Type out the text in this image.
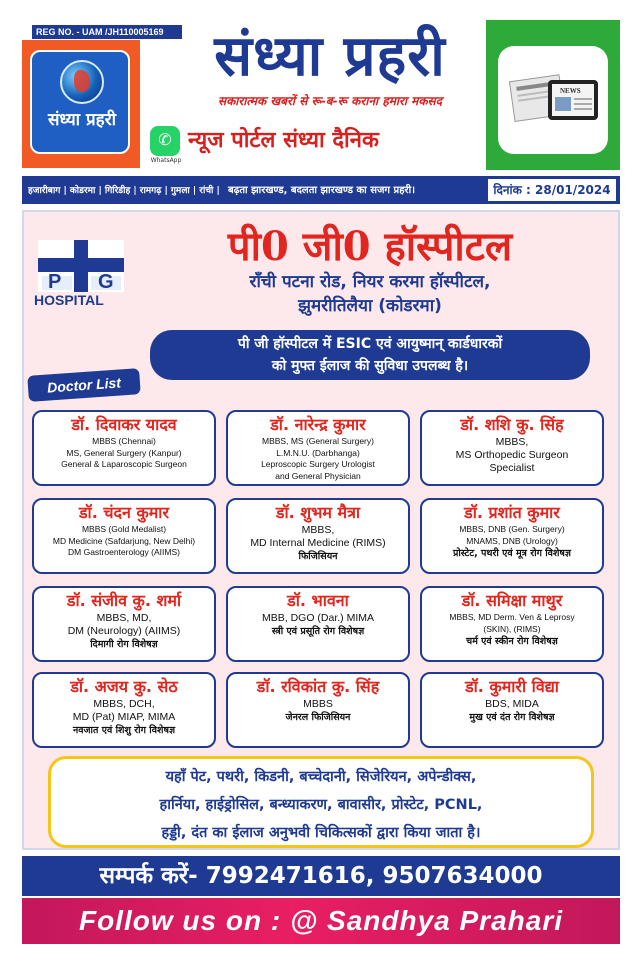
REG NO. - UAM /JH110005169
संध्या प्रहरी
संध्या प्रहरी
सकारात्मक खबरों से रू-ब-रू कराना हमारा मकसद
✆
WhatsApp
न्यूज पोर्टल संध्या दैनिक
NEWS
हजारीबाग | कोडरमा | गिरिडीह | रामगढ़ | गुमला | रांची | बढ़ता झारखण्ड, बदलता झारखण्ड का सजग प्रहरी।	दिनांक : 28/01/2024
P G
HOSPITAL
पी0 जी0 हॉस्पीटल
राँची पटना रोड, नियर करमा हॉस्पीटल,
झुमरीतिलैया (कोडरमा)
पी जी हॉस्पीटल में ESIC एवं आयुष्मान् कार्डधारकों
को मुफ्त ईलाज की सुविधा उपलब्ध है।
Doctor List
डॉ. दिवाकर यादव
MBBS (Chennai)
MS, General Surgery (Kanpur)
General & Laparoscopic Surgeon
डॉ. नारेन्द्र कुमार
MBBS, MS (General Surgery)
L.M.N.U. (Darbhanga)
Leproscopic Surgery Urologist
and General Physician
डॉ. शशि कु. सिंह
MBBS,
MS Orthopedic Surgeon
Specialist
डॉ. चंदन कुमार
MBBS (Gold Medalist)
MD Medicine (Safdarjung, New Delhi)
DM Gastroenterology (AIIMS)
डॉ. शुभम मैत्रा
MBBS,
MD Internal Medicine (RIMS)
फिजिसियन
डॉ. प्रशांत कुमार
MBBS, DNB (Gen. Surgery)
MNAMS, DNB (Urology)
प्रोस्टेट, पथरी एवं मूत्र रोग विशेषज्ञ
डॉ. संजीव कु. शर्मा
MBBS, MD,
DM (Neurology) (AIIMS)
दिमागी रोग विशेषज्ञ
डॉ. भावना
MBB, DGO (Dar.) MIMA
स्त्री एवं प्रसूति रोग विशेषज्ञ
डॉ. समिक्षा माथुर
MBBS, MD Derm. Ven & Leprosy
(SKIN), (RIMS)
चर्म एवं स्कीन रोग विशेषज्ञ
डॉ. अजय कु. सेठ
MBBS, DCH,
MD (Pat) MIAP, MIMA
नवजात एवं शिशु रोग विशेषज्ञ
डॉ. रविकांत कु. सिंह
MBBS
जेनरल फिजिसियन
डॉ. कुमारी विद्या
BDS, MIDA
मुख एवं दंत रोग विशेषज्ञ
यहाँ पेट, पथरी, किडनी, बच्चेदानी, सिजेरियन, अपेन्डीक्स,
हार्निया, हाईड्रोसिल, बन्ध्याकरण, बावासीर, प्रोस्टेट, PCNL,
हड्डी, दंत का ईलाज अनुभवी चिकित्सकों द्वारा किया जाता है।
सम्पर्क करें- 7992471616, 9507634000
Follow us on : @ Sandhya Prahari
